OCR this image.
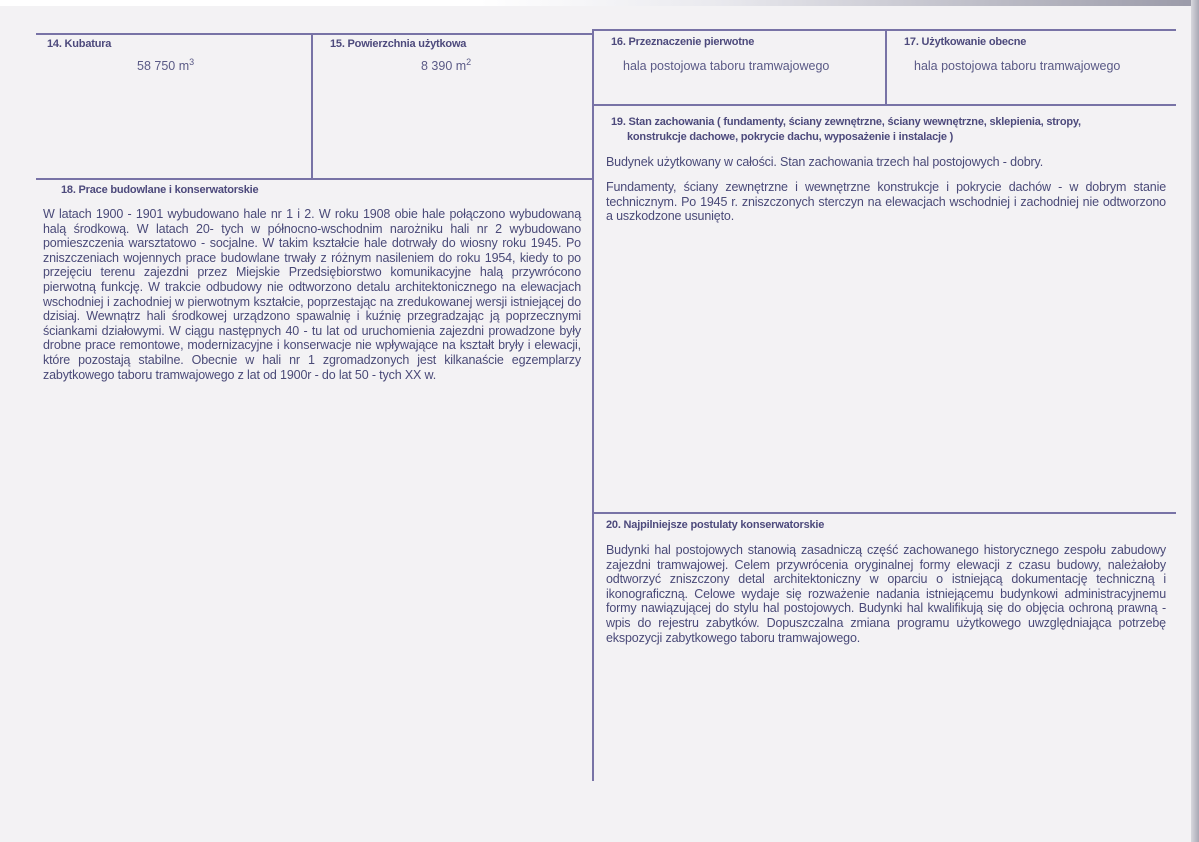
14. Kubatura
58 750 $m^3$
15. Powierzchnia użytkowa
8 390 $m^2$
16. Przeznaczenie pierwotne
hala postojowa taboru tramwajowego
17. Użytkowanie obecne
hala postojowa taboru tramwajowego
18. Prace budowlane i konserwatorskie
W latach 1900 - 1901 wybudowano hale nr 1 i 2. W roku 1908 obie hale połączono wybudowaną halą środkową. W latach 20- tych w północno-wschodnim narożniku hali nr 2 wybudowano pomieszczenia warsztatowo - socjalne. W takim kształcie hale dotrwały do wiosny roku 1945. Po zniszczeniach wojennych prace budowlane trwały z różnym nasileniem do roku 1954, kiedy to po przejęciu terenu zajezdni przez Miejskie Przedsiębiorstwo komunikacyjne halą przywrócono pierwotną funkcję. W trakcie odbudowy nie odtworzono detalu architektonicznego na elewacjach wschodniej i zachodniej w pierwotnym kształcie, poprzestając na zredukowanej wersji istniejącej do dzisiaj. Wewnątrz hali środkowej urządzono spawalnię i kuźnię przegradzając ją poprzecznymi ściankami działowymi. W ciągu następnych 40 - tu lat od uruchomienia zajezdni prowadzone były drobne prace remontowe, modernizacyjne i konserwacje nie wpływające na kształt bryły i elewacji, które pozostają stabilne. Obecnie w hali nr 1 zgromadzonych jest kilkanaście egzemplarzy zabytkowego taboru tramwajowego z lat od 1900r - do lat 50 - tych XX w.
19. Stan zachowania ( fundamenty, ściany zewnętrzne, ściany wewnętrzne, sklepienia, stropy,
konstrukcje dachowe, pokrycie dachu, wyposażenie i instalacje )
Budynek użytkowany w całości. Stan zachowania trzech hal postojowych - dobry.
Fundamenty, ściany zewnętrzne i wewnętrzne konstrukcje i pokrycie dachów - w dobrym stanie technicznym. Po 1945 r. zniszczonych sterczyn na elewacjach wschodniej i zachodniej nie odtworzono a uszkodzone usunięto.
20. Najpilniejsze postulaty konserwatorskie
Budynki hal postojowych stanowią zasadniczą część zachowanego historycznego zespołu zabudowy zajezdni tramwajowej. Celem przywrócenia oryginalnej formy elewacji z czasu budowy, należałoby odtworzyć zniszczony detal architektoniczny w oparciu o istniejącą dokumentację techniczną i ikonograficzną. Celowe wydaje się rozważenie nadania istniejącemu budynkowi administracyjnemu formy nawiązującej do stylu hal postojowych. Budynki hal kwalifikują się do objęcia ochroną prawną - wpis do rejestru zabytków. Dopuszczalna zmiana programu użytkowego uwzględniająca potrzebę ekspozycji zabytkowego taboru tramwajowego.
